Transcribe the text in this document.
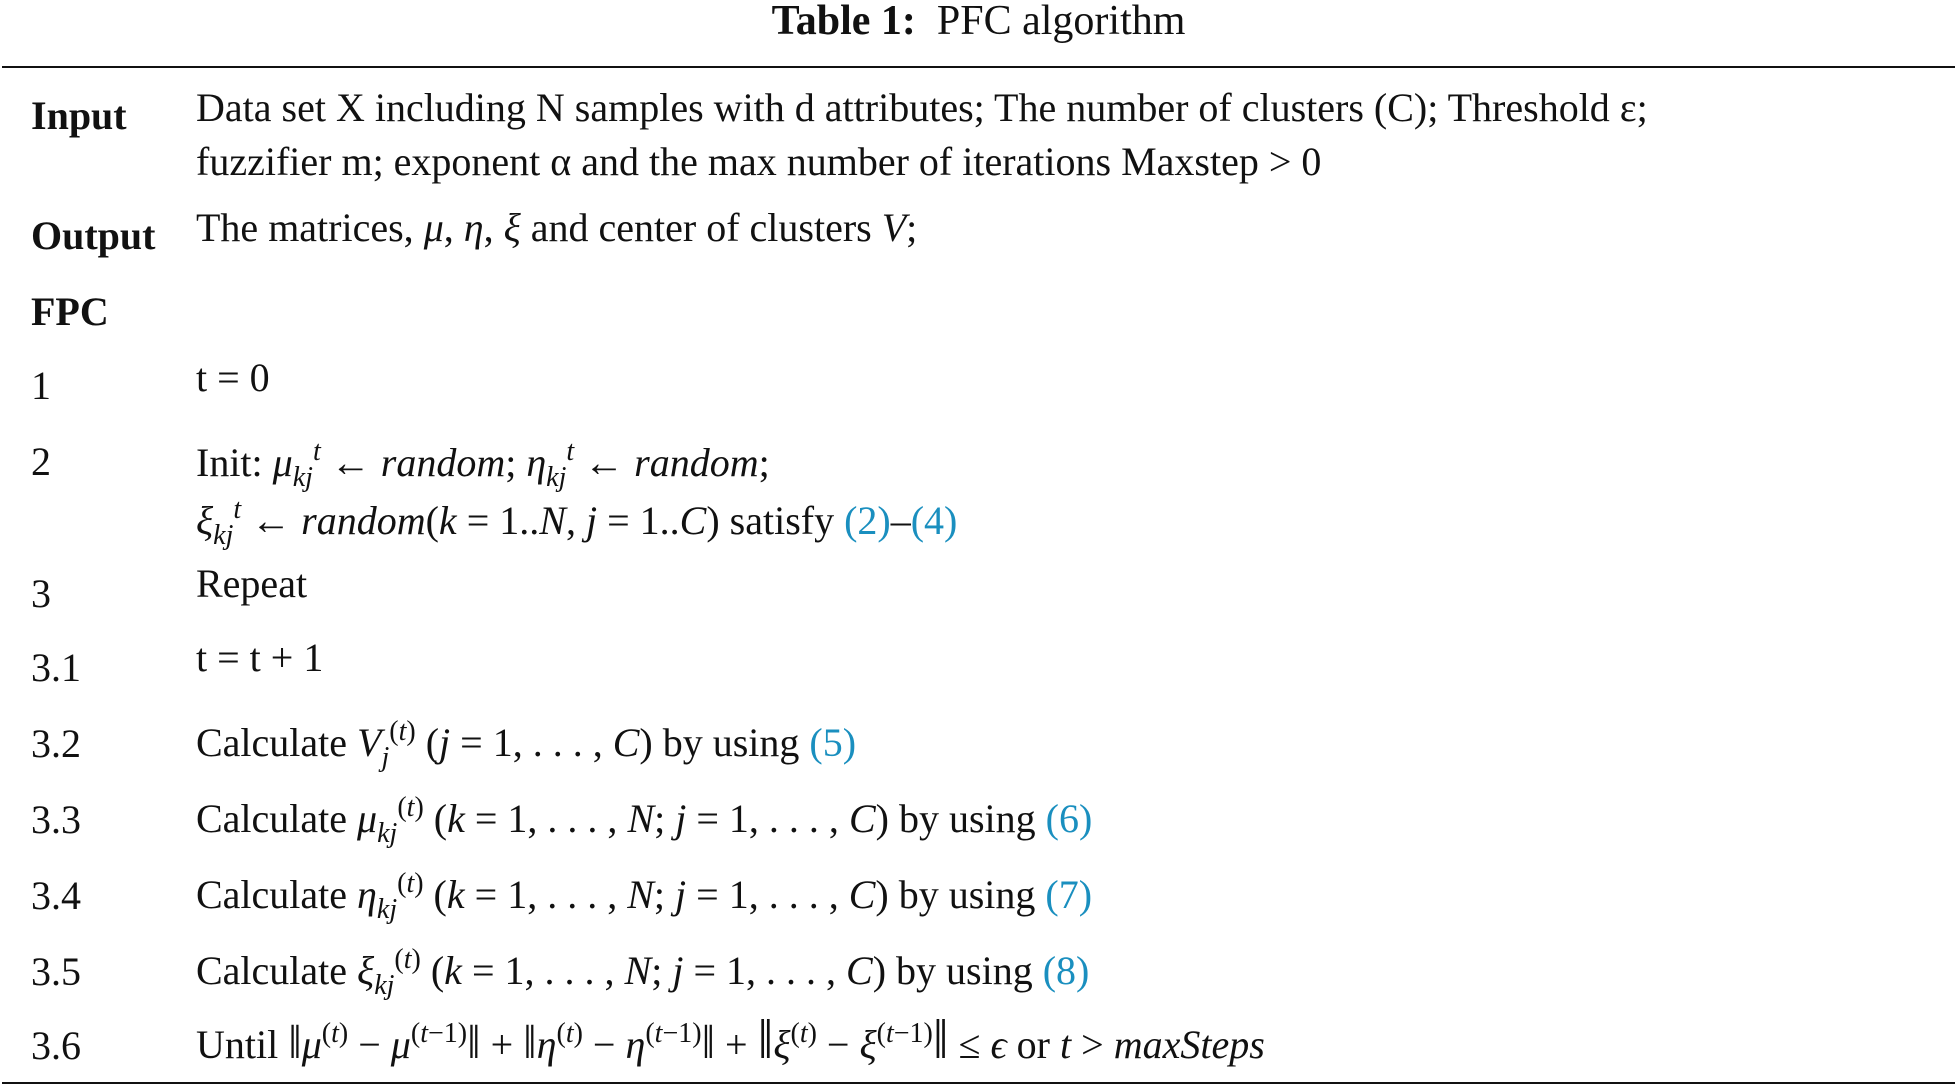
Table 1: PFC algorithm
Input Data set X including N samples with d attributes; The number of clusters (C); Threshold ε;
fuzzifier m; exponent α and the max number of iterations Maxstep > 0
Output The matrices, μ, η, ξ and center of clusters V;
FPC
1	t = 0
2	Init: $\mu_{kj}^t$ ← random; $\eta_{kj}^t$ ← random;
$\xi_{kj}^t$ ← random(k = 1..N, j = 1..C) satisfy (2)–(4)
3	Repeat
3.1	t = t + 1
3.2	Calculate $V_j^{(t)}$ (j = 1, . . . , C) by using (5)
3.3	Calculate $\mu_{kj}^{(t)}$ (k = 1, . . . , N; j = 1, . . . , C) by using (6)
3.4	Calculate $\eta_{kj}^{(t)}$ (k = 1, . . . , N; j = 1, . . . , C) by using (7)
3.5	Calculate $\xi_{kj}^{(t)}$ (k = 1, . . . , N; j = 1, . . . , C) by using (8)
3.6	Until $‖\mu^{(t)}$ − $\mu^{(t-1)}‖$ + $‖\eta^{(t)}$ − $\eta^{(t-1)}‖$ + $‖\xi^{(t)}$ − $\xi^{(t-1)}‖ \le \epsilon$ or t > maxSteps
